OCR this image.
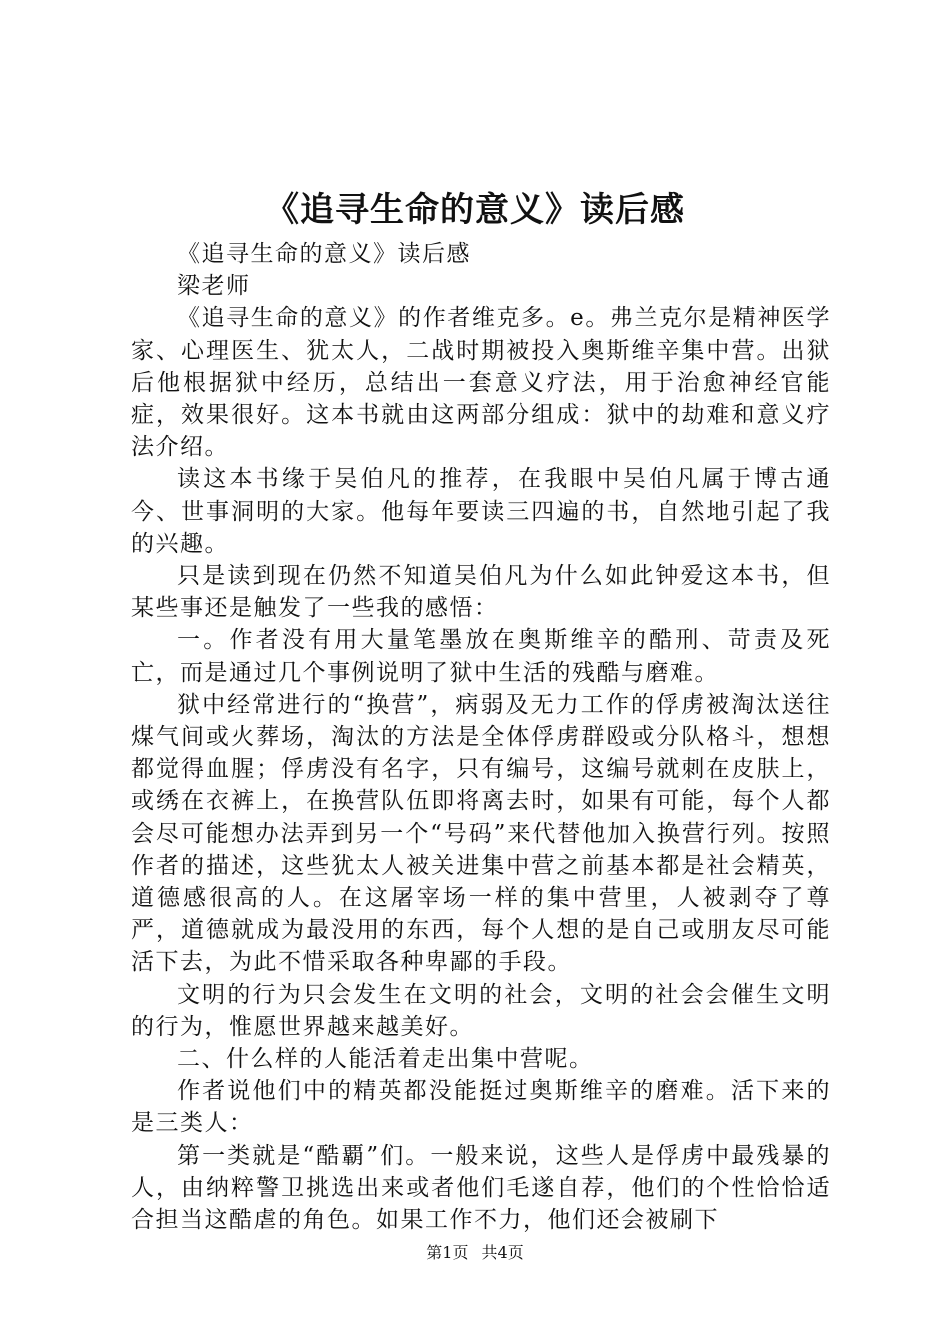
《追寻生命的意义》读后感

《追寻生命的意义》读后感

梁老师

《追寻生命的意义》的作者维克多。e。弗兰克尔是精神医学家、心理医生、犹太人，二战时期被投入奥斯维辛集中营。出狱后他根据狱中经历，总结出一套意义疗法，用于治愈神经官能症，效果很好。这本书就由这两部分组成：狱中的劫难和意义疗法介绍。

读这本书缘于吴伯凡的推荐，在我眼中吴伯凡属于博古通今、世事洞明的大家。他每年要读三四遍的书，自然地引起了我的兴趣。

只是读到现在仍然不知道吴伯凡为什么如此钟爱这本书，但某些事还是触发了一些我的感悟：

一。作者没有用大量笔墨放在奥斯维辛的酷刑、苛责及死亡，而是通过几个事例说明了狱中生活的残酷与磨难。

狱中经常进行的“换营”，病弱及无力工作的俘虏被淘汰送往煤气间或火葬场，淘汰的方法是全体俘虏群殴或分队格斗，想想都觉得血腥；俘虏没有名字，只有编号，这编号就刺在皮肤上，或绣在衣裤上，在换营队伍即将离去时，如果有可能，每个人都会尽可能想办法弄到另一个“号码”来代替他加入换营行列。按照作者的描述，这些犹太人被关进集中营之前基本都是社会精英，道德感很高的人。在这屠宰场一样的集中营里，人被剥夺了尊严，道德就成为最没用的东西，每个人想的是自己或朋友尽可能活下去，为此不惜采取各种卑鄙的手段。

文明的行为只会发生在文明的社会，文明的社会会催生文明的行为，惟愿世界越来越美好。

二、什么样的人能活着走出集中营呢。

作者说他们中的精英都没能挺过奥斯维辛的磨难。活下来的是三类人：

第一类就是“酷覇”们。一般来说，这些人是俘虏中最残暴的人，由纳粹警卫挑选出来或者他们毛遂自荐，他们的个性恰恰适合担当这酷虐的角色。如果工作不力，他们还会被刷下

第1页 共4页
